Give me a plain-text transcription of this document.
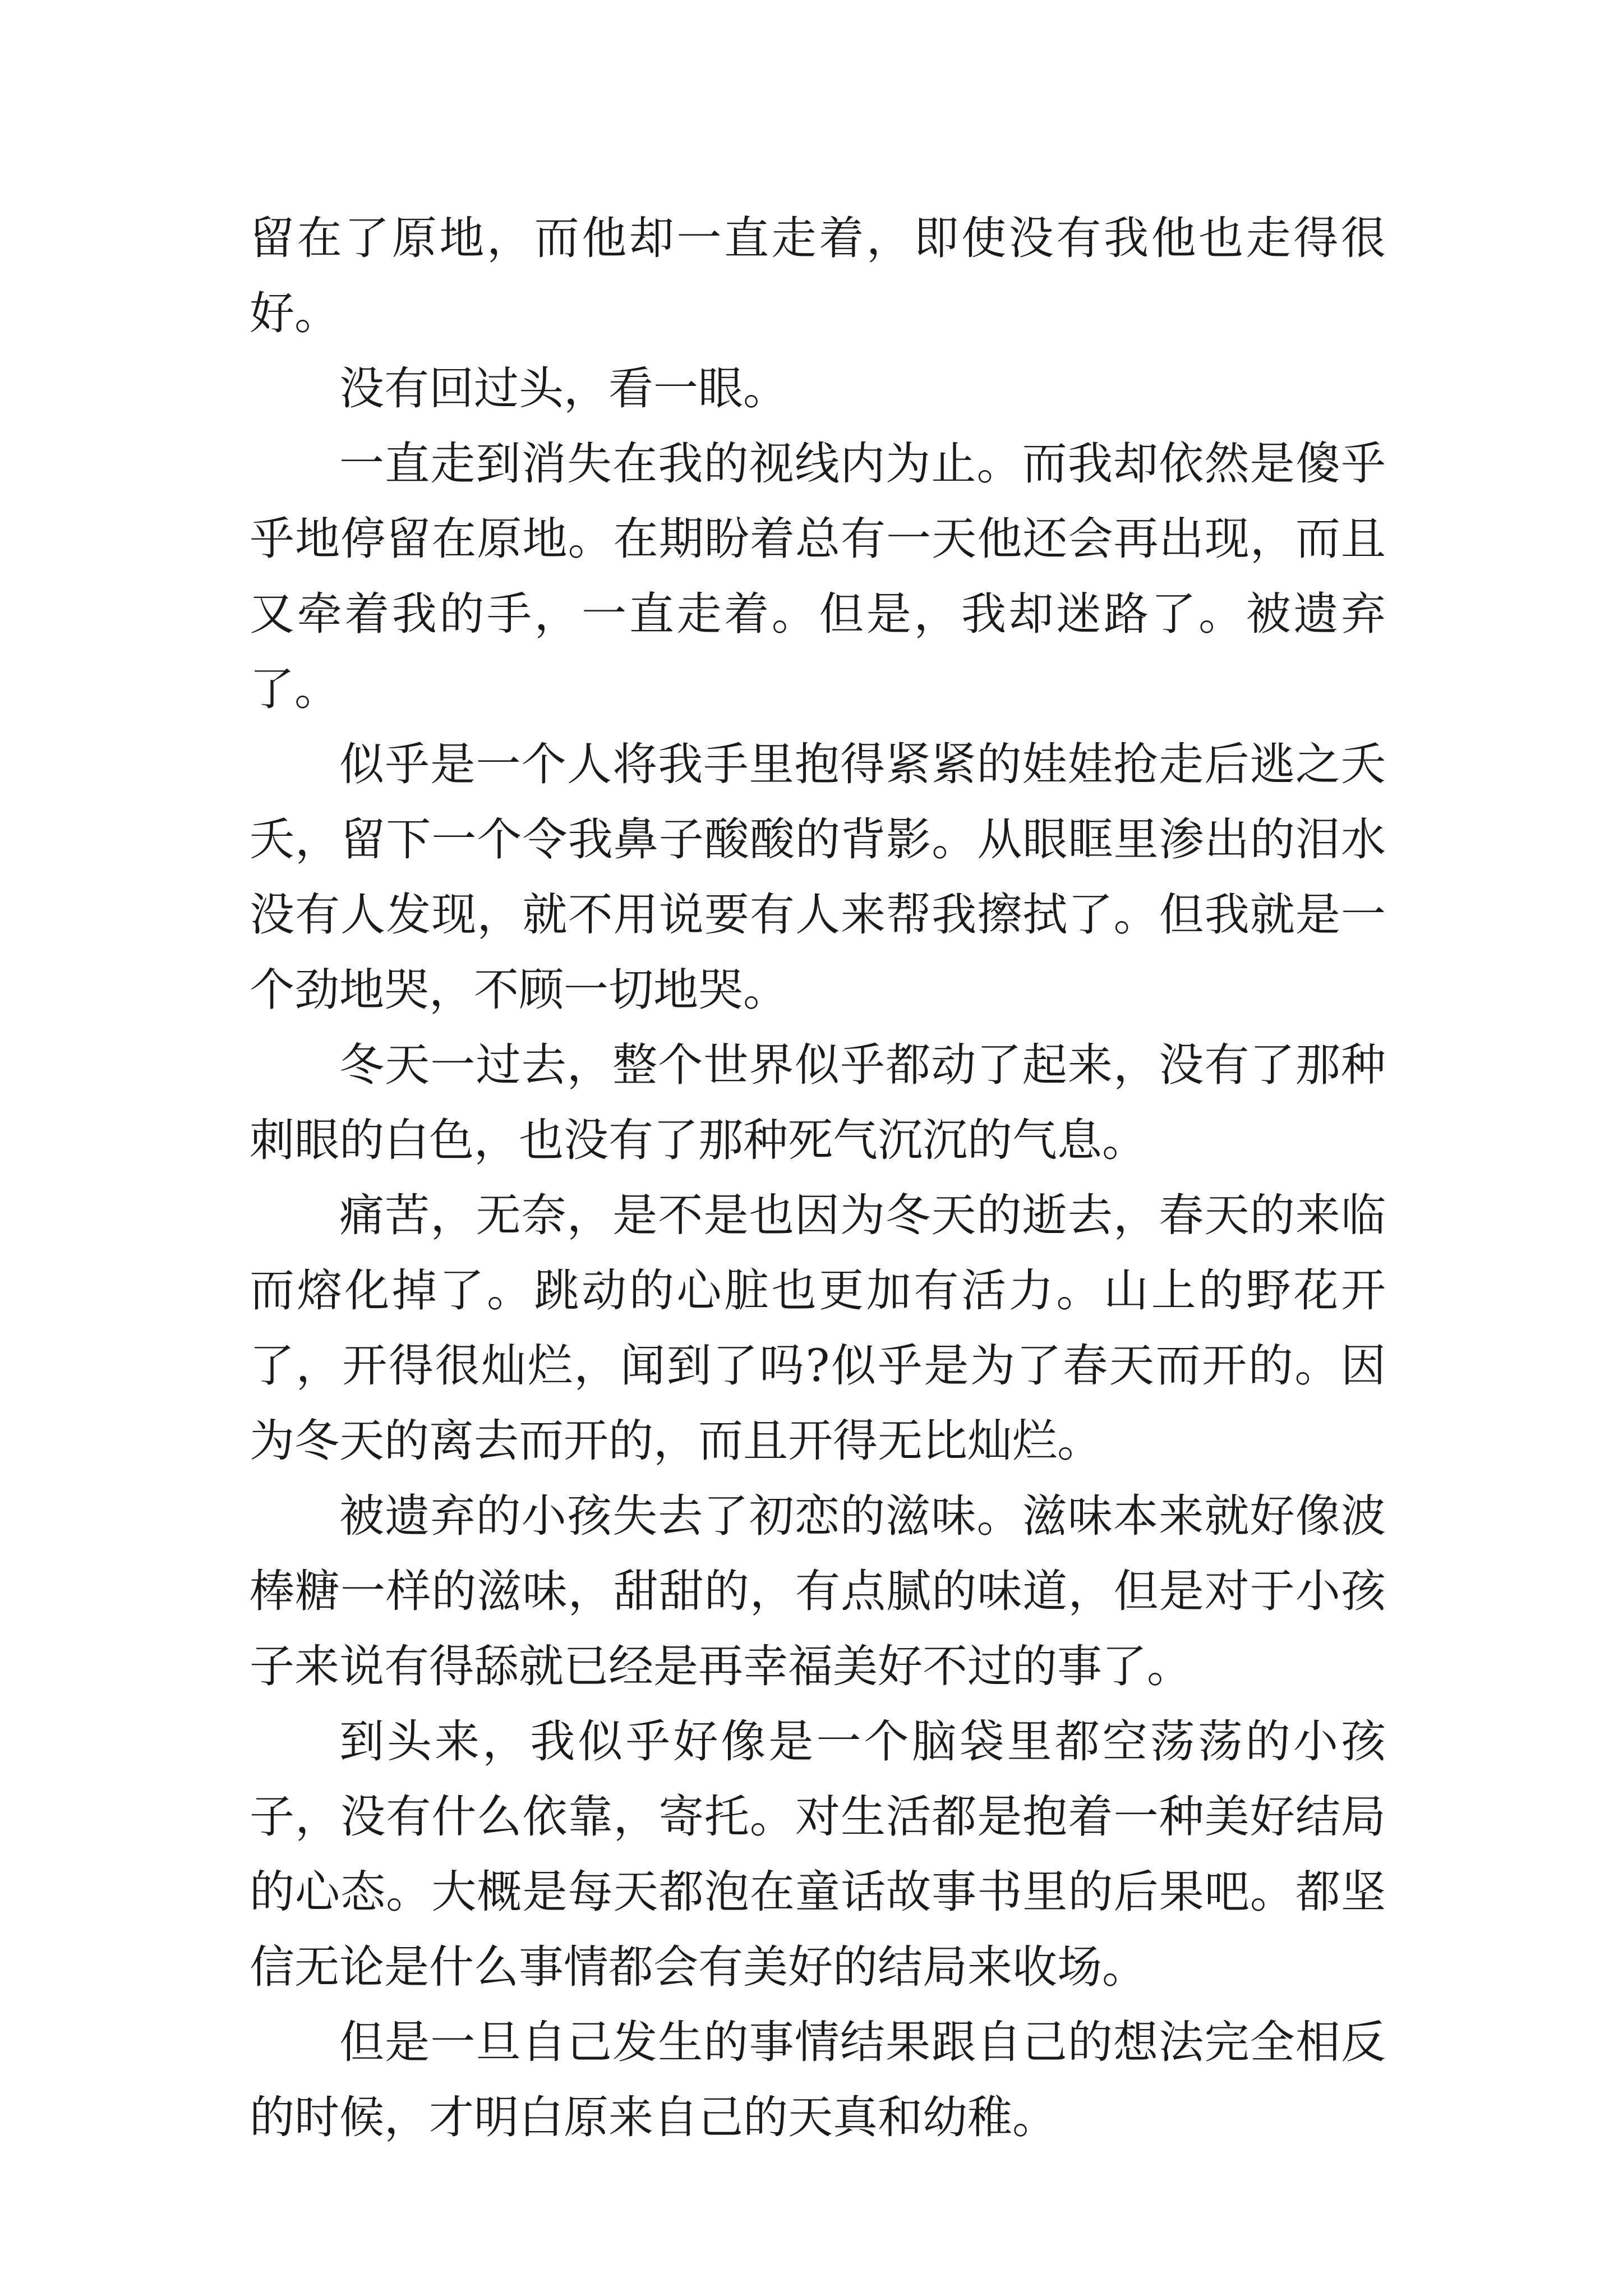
留在了原地，而他却一直走着，即使没有我他也走得很好。

没有回过头，看一眼。

一直走到消失在我的视线内为止。而我却依然是傻乎乎地停留在原地。在期盼着总有一天他还会再出现，而且又牵着我的手，一直走着。但是，我却迷路了。被遗弃了。

似乎是一个人将我手里抱得紧紧的娃娃抢走后逃之夭夭，留下一个令我鼻子酸酸的背影。从眼眶里渗出的泪水没有人发现，就不用说要有人来帮我擦拭了。但我就是一个劲地哭，不顾一切地哭。

冬天一过去，整个世界似乎都动了起来，没有了那种刺眼的白色，也没有了那种死气沉沉的气息。

痛苦，无奈，是不是也因为冬天的逝去，春天的来临而熔化掉了。跳动的心脏也更加有活力。山上的野花开了，开得很灿烂，闻到了吗?似乎是为了春天而开的。因为冬天的离去而开的，而且开得无比灿烂。

被遗弃的小孩失去了初恋的滋味。滋味本来就好像波棒糖一样的滋味，甜甜的，有点腻的味道，但是对于小孩子来说有得舔就已经是再幸福美好不过的事了。

到头来，我似乎好像是一个脑袋里都空荡荡的小孩子，没有什么依靠，寄托。对生活都是抱着一种美好结局的心态。大概是每天都泡在童话故事书里的后果吧。都坚信无论是什么事情都会有美好的结局来收场。

但是一旦自己发生的事情结果跟自己的想法完全相反的时候，才明白原来自己的天真和幼稚。
